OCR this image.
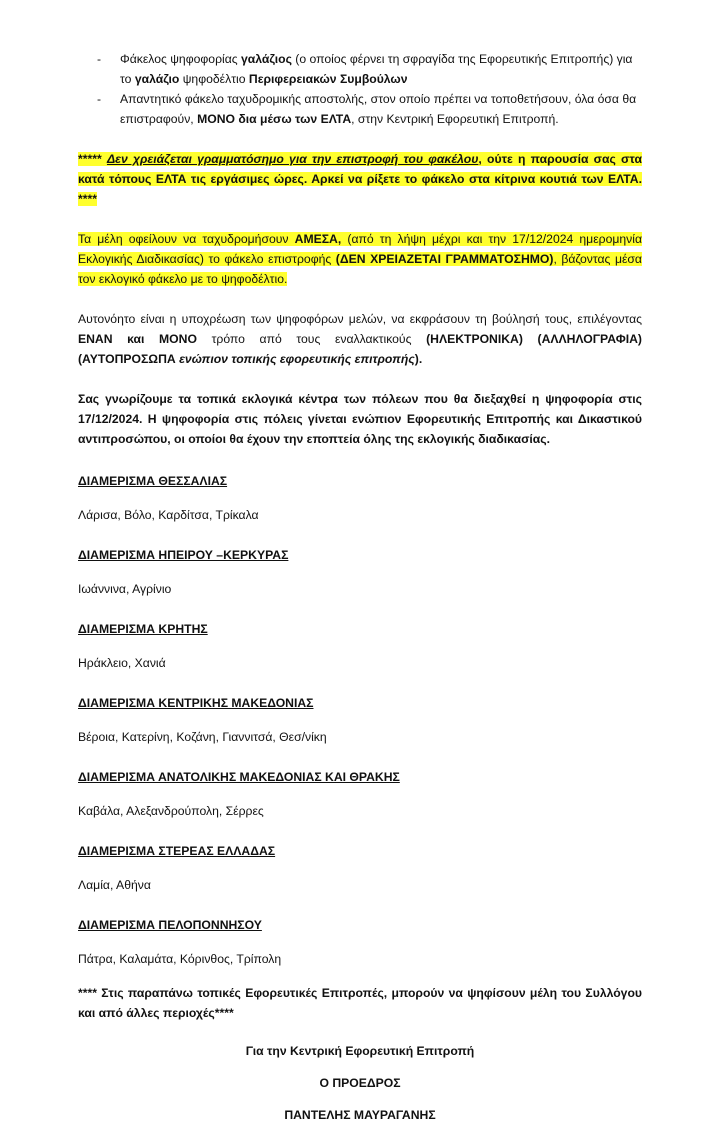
- Φάκελος ψηφοφορίας γαλάζιος (ο οποίος φέρνει τη σφραγίδα της Εφορευτικής Επιτροπής) για το γαλάζιο ψηφοδέλτιο Περιφερειακών Συμβούλων
- Απαντητικό φάκελο ταχυδρομικής αποστολής, στον οποίο πρέπει να τοποθετήσουν, όλα όσα θα επιστραφούν, ΜΟΝΟ δια μέσω των ΕΛΤΑ, στην Κεντρική Εφορευτική Επιτροπή.

***** Δεν χρειάζεται γραμματόσημο για την επιστροφή του φακέλου, ούτε η παρουσία σας στα κατά τόπους ΕΛΤΑ τις εργάσιμες ώρες. Αρκεί να ρίξετε το φάκελο στα κίτρινα κουτιά των ΕΛΤΑ. ****

Τα μέλη οφείλουν να ταχυδρομήσουν ΑΜΕΣΑ, (από τη λήψη μέχρι και την 17/12/2024 ημερομηνία Εκλογικής Διαδικασίας) το φάκελο επιστροφής (ΔΕΝ ΧΡΕΙΑΖΕΤΑΙ ΓΡΑΜΜΑΤΟΣΗΜΟ), βάζοντας μέσα τον εκλογικό φάκελο με το ψηφοδέλτιο.

Αυτονόητο είναι η υποχρέωση των ψηφοφόρων μελών, να εκφράσουν τη βούλησή τους, επιλέγοντας ΕΝΑΝ και ΜΟΝΟ τρόπο από τους εναλλακτικούς (ΗΛΕΚΤΡΟΝΙΚΑ) (ΑΛΛΗΛΟΓΡΑΦΙΑ) (ΑΥΤΟΠΡΟΣΩΠΑ ενώπιον τοπικής εφορευτικής επιτροπής).

Σας γνωρίζουμε τα τοπικά εκλογικά κέντρα των πόλεων που θα διεξαχθεί η ψηφοφορία στις 17/12/2024. Η ψηφοφορία στις πόλεις γίνεται ενώπιον Εφορευτικής Επιτροπής και Δικαστικού αντιπροσώπου, οι οποίοι θα έχουν την εποπτεία όλης της εκλογικής διαδικασίας.

ΔΙΑΜΕΡΙΣΜΑ ΘΕΣΣΑΛΙΑΣ

Λάρισα, Βόλο, Καρδίτσα, Τρίκαλα

ΔΙΑΜΕΡΙΣΜΑ ΗΠΕΙΡΟΥ –ΚΕΡΚΥΡΑΣ

Ιωάννινα, Αγρίνιο

ΔΙΑΜΕΡΙΣΜΑ ΚΡΗΤΗΣ

Ηράκλειο, Χανιά

ΔΙΑΜΕΡΙΣΜΑ ΚΕΝΤΡΙΚΗΣ ΜΑΚΕΔΟΝΙΑΣ

Βέροια, Κατερίνη, Κοζάνη, Γιαννιτσά, Θεσ/νίκη

ΔΙΑΜΕΡΙΣΜΑ ΑΝΑΤΟΛΙΚΗΣ ΜΑΚΕΔΟΝΙΑΣ ΚΑΙ ΘΡΑΚΗΣ

Καβάλα, Αλεξανδρούπολη, Σέρρες

ΔΙΑΜΕΡΙΣΜΑ ΣΤΕΡΕΑΣ ΕΛΛΑΔΑΣ

Λαμία, Αθήνα

ΔΙΑΜΕΡΙΣΜΑ ΠΕΛΟΠΟΝΝΗΣΟΥ

Πάτρα, Καλαμάτα, Κόρινθος, Τρίπολη

**** Στις παραπάνω τοπικές Εφορευτικές Επιτροπές, μπορούν να ψηφίσουν μέλη του Συλλόγου και από άλλες περιοχές****

Για την Κεντρική Εφορευτική Επιτροπή

Ο ΠΡΟΕΔΡΟΣ

ΠΑΝΤΕΛΗΣ ΜΑΥΡΑΓΑΝΗΣ
